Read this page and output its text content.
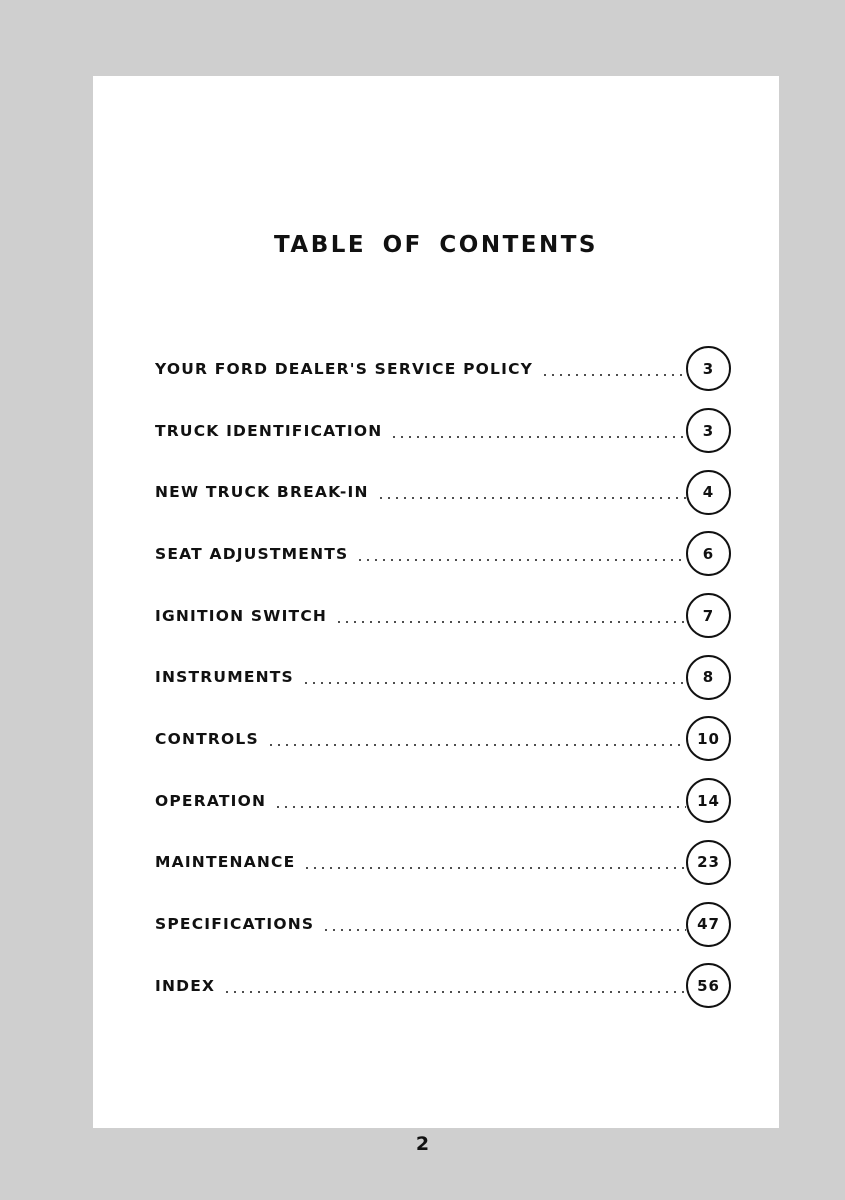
TABLE OF CONTENTS
YOUR FORD DEALER'S SERVICE POLICY	3
TRUCK IDENTIFICATION	3
NEW TRUCK BREAK-IN	4
SEAT ADJUSTMENTS	6
IGNITION SWITCH	7
INSTRUMENTS	8
CONTROLS	10
OPERATION	14
MAINTENANCE	23
SPECIFICATIONS	47
INDEX	56
2
